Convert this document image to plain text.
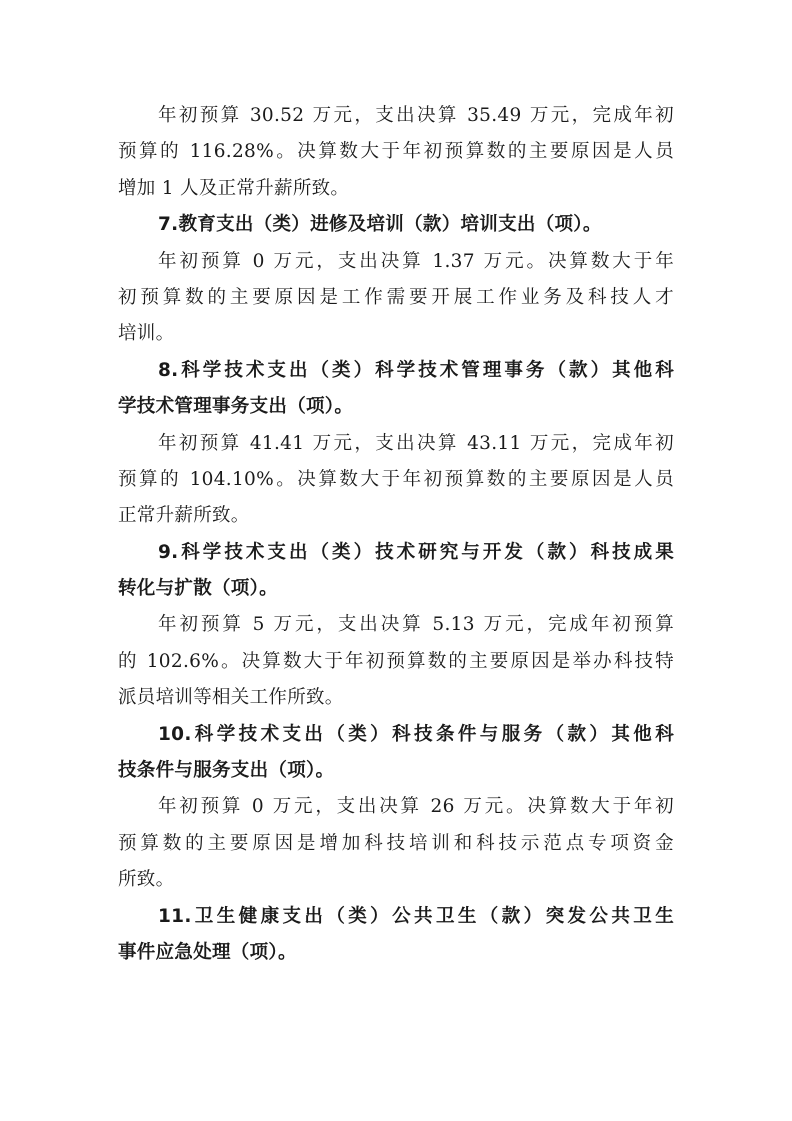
年初预算 30.52 万元，支出决算 35.49 万元，完成年初
预算的 116.28%。决算数大于年初预算数的主要原因是人员
增加 1 人及正常升薪所致。
7.教育支出（类）进修及培训（款）培训支出（项）。
年初预算 0 万元，支出决算 1.37 万元。决算数大于年
初预算数的主要原因是工作需要开展工作业务及科技人才
培训。
8.科学技术支出（类）科学技术管理事务（款）其他科
学技术管理事务支出（项）。
年初预算 41.41 万元，支出决算 43.11 万元，完成年初
预算的 104.10%。决算数大于年初预算数的主要原因是人员
正常升薪所致。
9.科学技术支出（类）技术研究与开发（款）科技成果
转化与扩散（项）。
年初预算 5 万元，支出决算 5.13 万元，完成年初预算
的 102.6%。决算数大于年初预算数的主要原因是举办科技特
派员培训等相关工作所致。
10.科学技术支出（类）科技条件与服务（款）其他科
技条件与服务支出（项）。
年初预算 0 万元，支出决算 26 万元。决算数大于年初
预算数的主要原因是增加科技培训和科技示范点专项资金
所致。
11.卫生健康支出（类）公共卫生（款）突发公共卫生
事件应急处理（项）。
